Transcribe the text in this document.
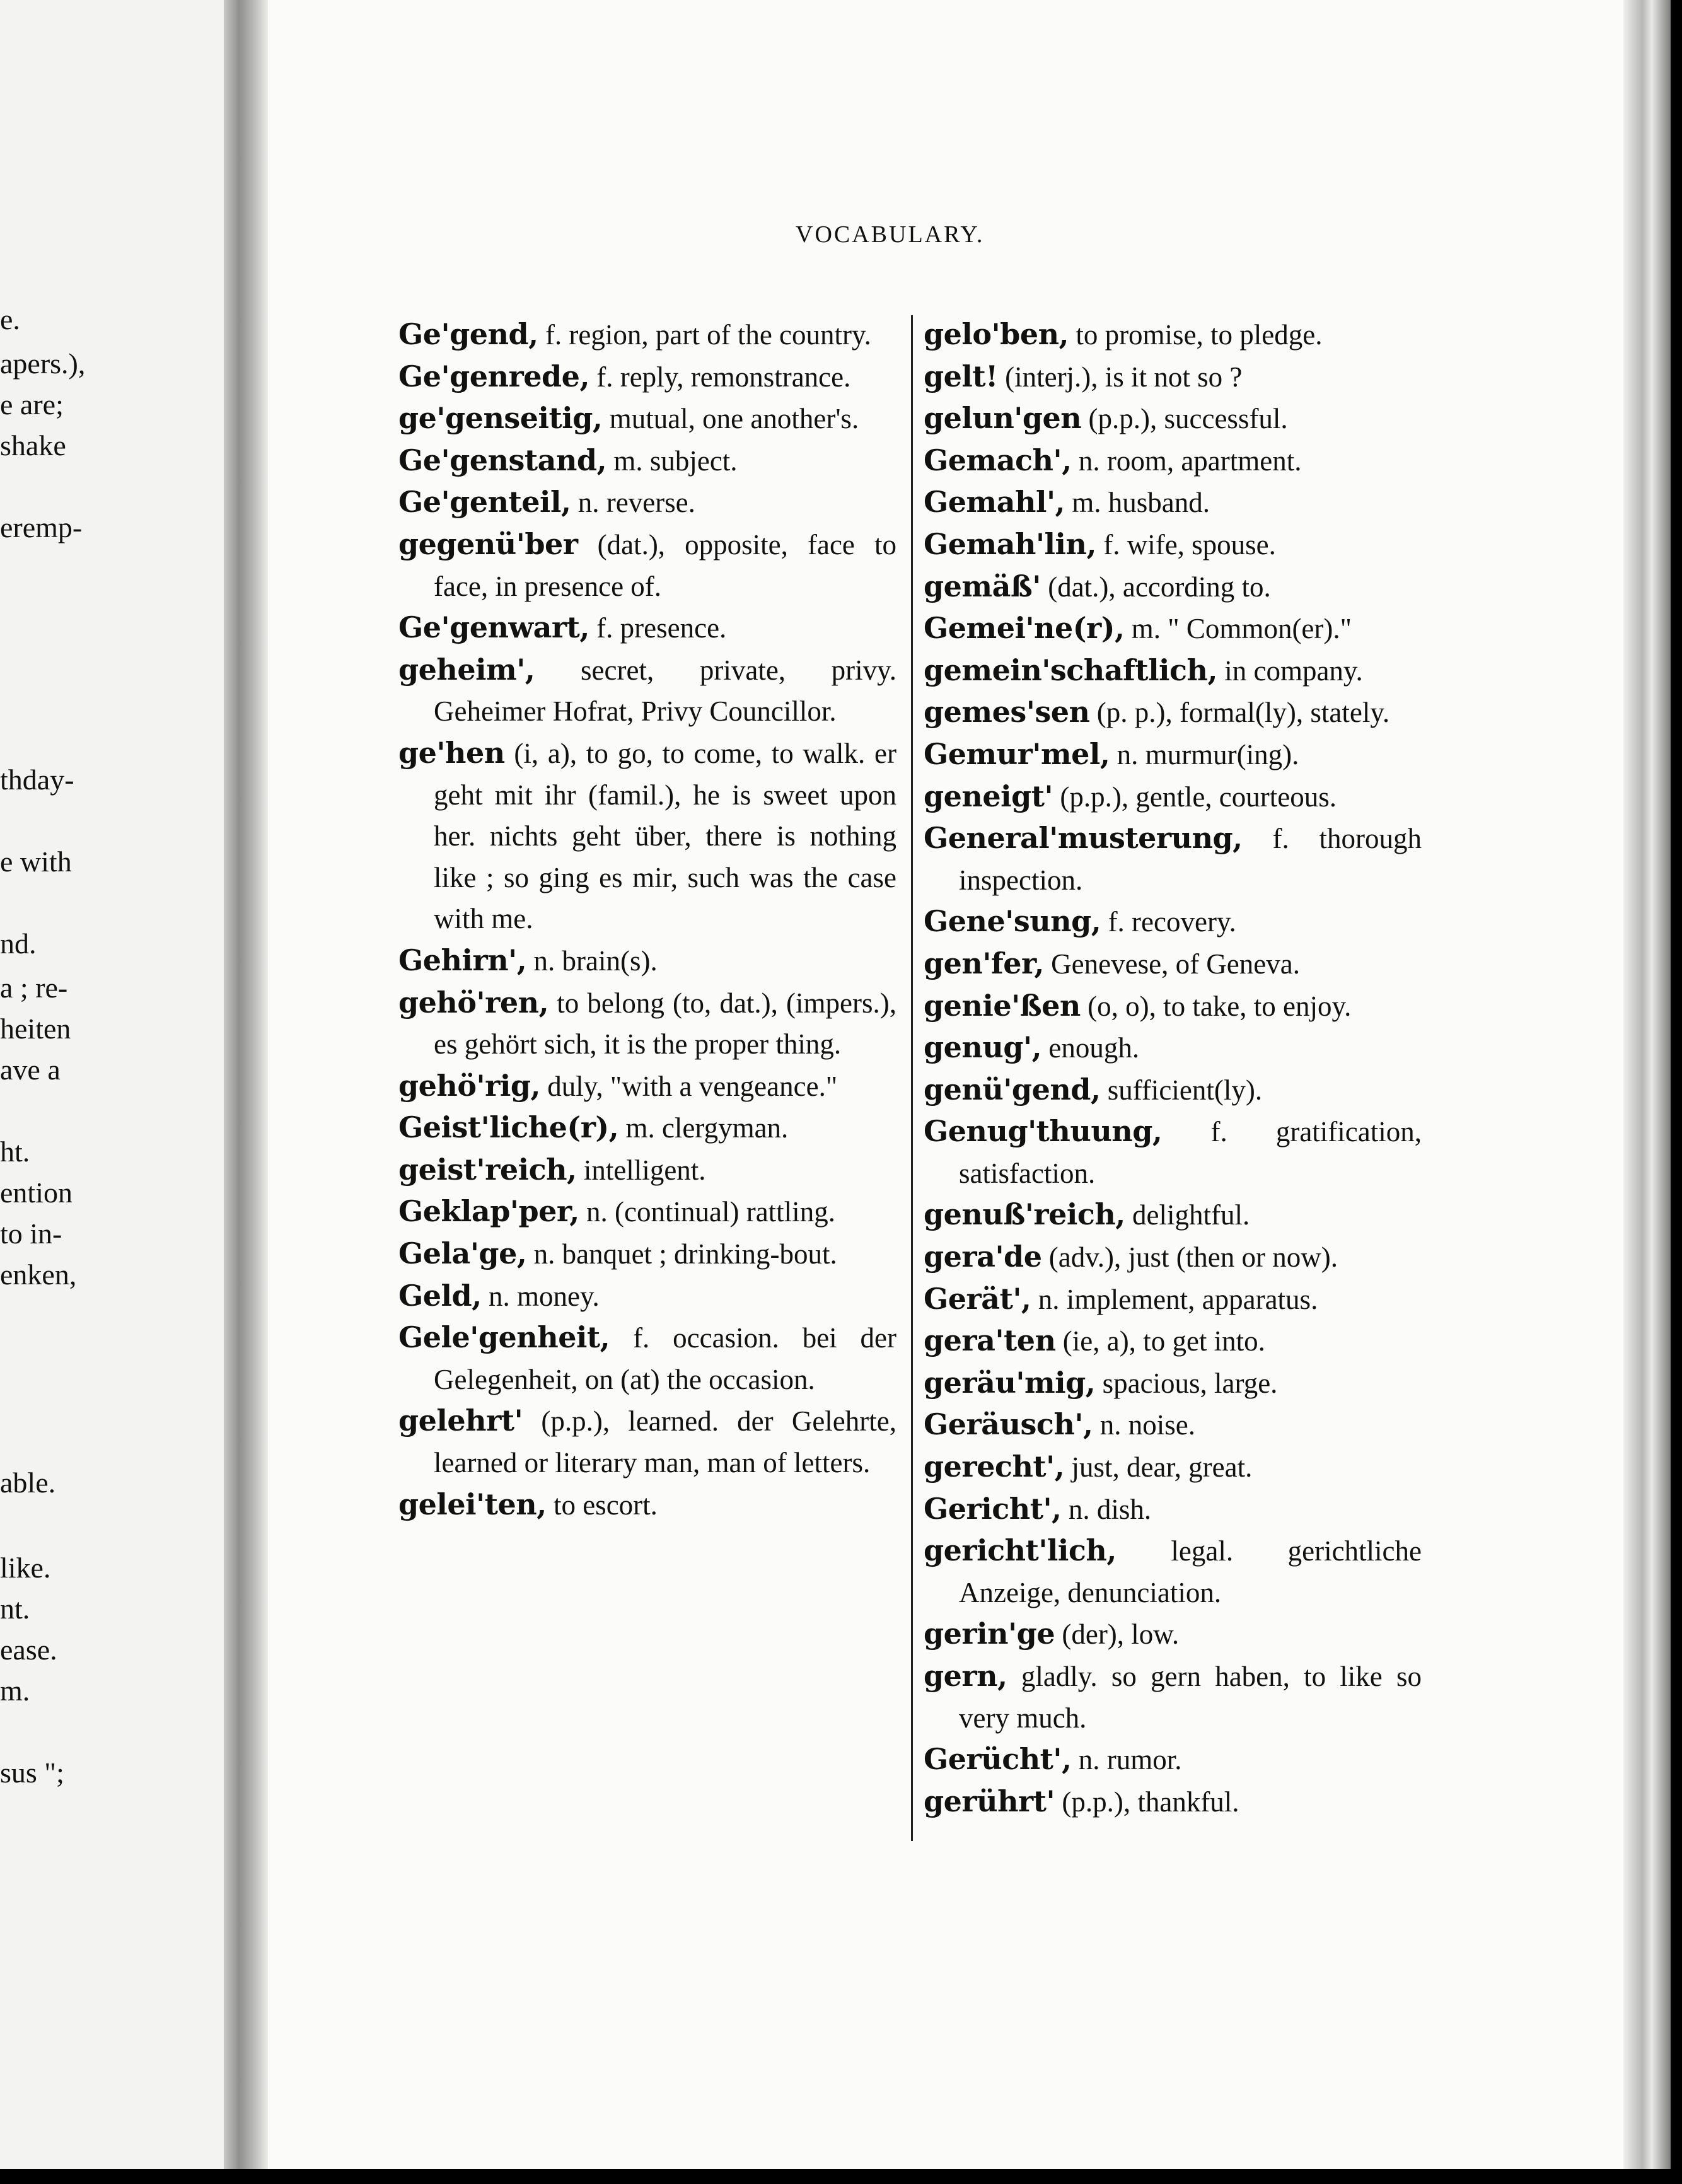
e.
apers.),
e are;
shake
eremp-
thday-
e with
nd.
a ; re-
heiten
ave a
ht.
ention
to in-
enken,
able.
like.
nt.
ease.
m.
sus ";
VOCABULARY.
Ge'gend, f. region, part of the country.
Ge'genrede, f. reply, remonstrance.
ge'genseitig, mutual, one another's.
Ge'genstand, m. subject.
Ge'genteil, n. reverse.
gegenü'ber (dat.), opposite, face to face, in presence of.
Ge'genwart, f. presence.
geheim', secret, private, privy. Geheimer Hofrat, Privy Councillor.
ge'hen (i, a), to go, to come, to walk. er geht mit ihr (famil.), he is sweet upon her. nichts geht über, there is nothing like ; so ging es mir, such was the case with me.
Gehirn', n. brain(s).
gehö'ren, to belong (to, dat.), (impers.), es gehört sich, it is the proper thing.
gehö'rig, duly, "with a vengeance."
Geist'liche(r), m. clergyman.
geist'reich, intelligent.
Geklap'per, n. (continual) rattling.
Gela'ge, n. banquet ; drinking-bout.
Geld, n. money.
Gele'genheit, f. occasion. bei der Gelegenheit, on (at) the occasion.
gelehrt' (p.p.), learned. der Gelehrte, learned or literary man, man of letters.
gelei'ten, to escort.
gelo'ben, to promise, to pledge.
gelt! (interj.), is it not so ?
gelun'gen (p.p.), successful.
Gemach', n. room, apartment.
Gemahl', m. husband.
Gemah'lin, f. wife, spouse.
gemäß' (dat.), according to.
Gemei'ne(r), m. " Common(er)."
gemein'schaftlich, in company.
gemes'sen (p. p.), formal(ly), stately.
Gemur'mel, n. murmur(ing).
geneigt' (p.p.), gentle, courteous.
General'musterung, f. thorough inspection.
Gene'sung, f. recovery.
gen'fer, Genevese, of Geneva.
genie'ßen (o, o), to take, to enjoy.
genug', enough.
genü'gend, sufficient(ly).
Genug'thuung, f. gratification, satisfaction.
genuß'reich, delightful.
gera'de (adv.), just (then or now).
Gerät', n. implement, apparatus.
gera'ten (ie, a), to get into.
geräu'mig, spacious, large.
Geräusch', n. noise.
gerecht', just, dear, great.
Gericht', n. dish.
gericht'lich, legal. gerichtliche Anzeige, denunciation.
gerin'ge (der), low.
gern, gladly. so gern haben, to like so very much.
Gerücht', n. rumor.
gerührt' (p.p.), thankful.
